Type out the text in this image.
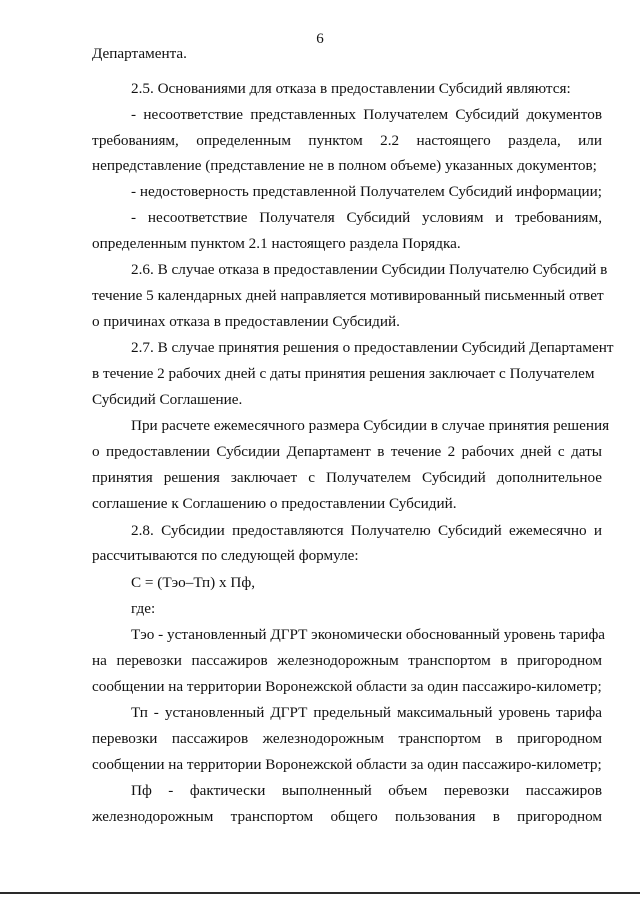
6
Департамента.
2.5. Основаниями для отказа в предоставлении Субсидий являются:
- несоответствие представленных Получателем Субсидий документов
требованиям, определенным пунктом 2.2 настоящего раздела, или
непредставление (представление не в полном объеме) указанных документов;
- недостоверность представленной Получателем Субсидий информации;
- несоответствие Получателя Субсидий условиям и требованиям,
определенным пунктом 2.1 настоящего раздела Порядка.
2.6. В случае отказа в предоставлении Субсидии Получателю Субсидий в
течение 5 календарных дней направляется мотивированный письменный ответ
о причинах отказа в предоставлении Субсидий.
2.7. В случае принятия решения о предоставлении Субсидий Департамент
в течение 2 рабочих дней с даты принятия решения заключает с Получателем
Субсидий Соглашение.
При расчете ежемесячного размера Субсидии в случае принятия решения
о предоставлении Субсидии Департамент в течение 2 рабочих дней с даты
принятия решения заключает с Получателем Субсидий дополнительное
соглашение к Соглашению о предоставлении Субсидий.
2.8. Субсидии предоставляются Получателю Субсидий ежемесячно и
рассчитываются по следующей формуле:
С = (Тэо–Тп) х Пф,
где:
Тэо - установленный ДГРТ экономически обоснованный уровень тарифа
на перевозки пассажиров железнодорожным транспортом в пригородном
сообщении на территории Воронежской области за один пассажиро-километр;
Тп - установленный ДГРТ предельный максимальный уровень тарифа
перевозки пассажиров железнодорожным транспортом в пригородном
сообщении на территории Воронежской области за один пассажиро-километр;
Пф - фактически выполненный объем перевозки пассажиров
железнодорожным транспортом общего пользования в пригородном
